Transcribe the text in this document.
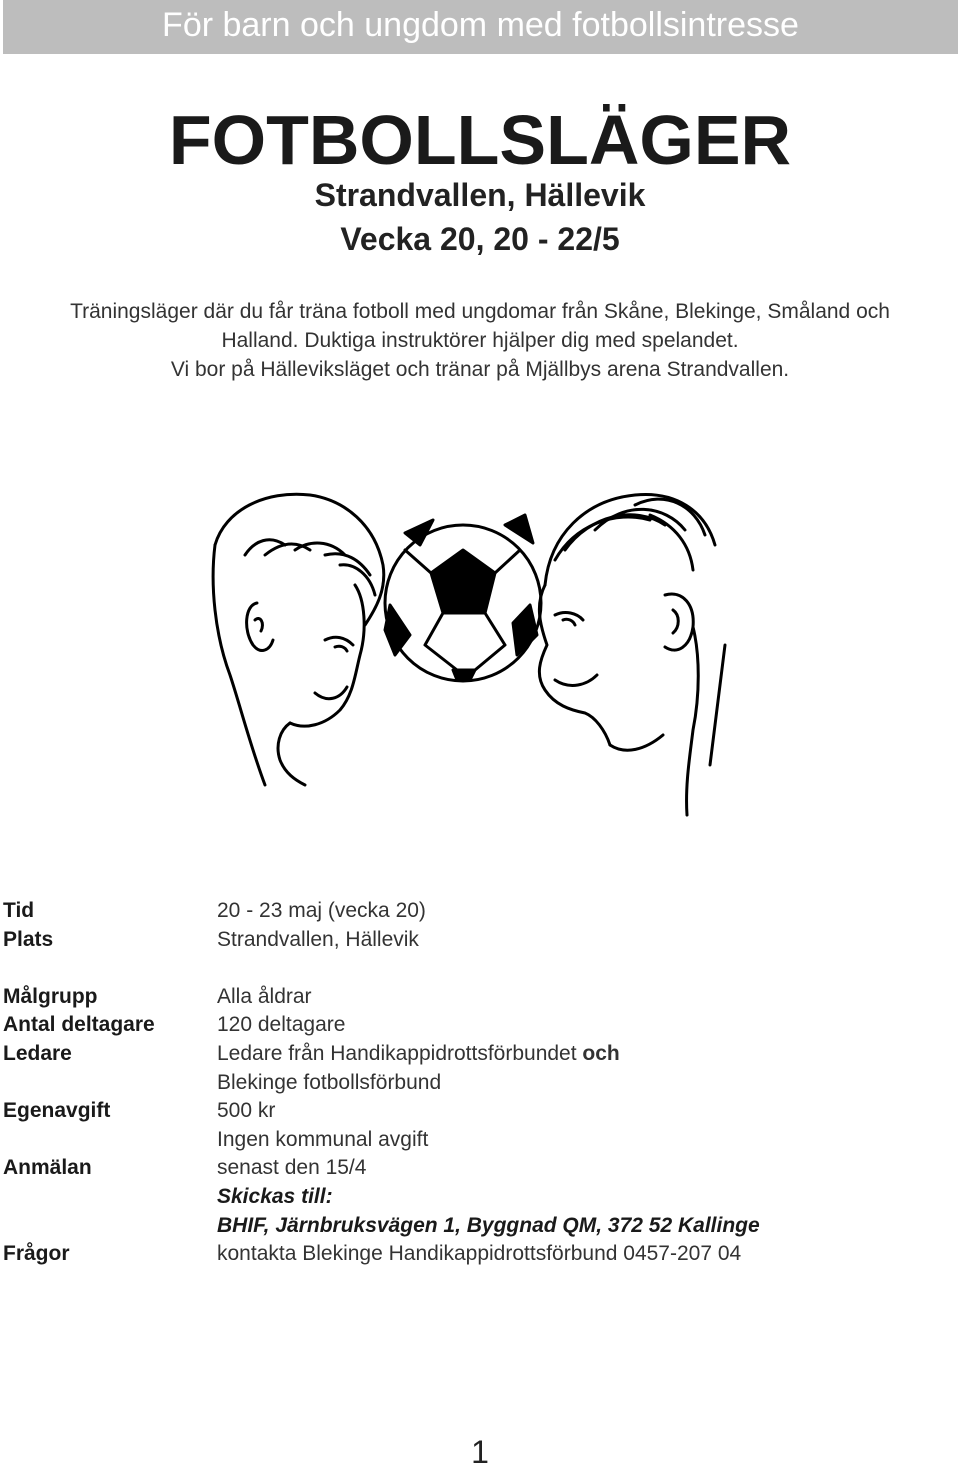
För barn och ungdom med fotbollsintresse
FOTBOLLSLÄGER
Strandvallen, Hällevik
Vecka 20, 20 - 22/5
Träningsläger där du får träna fotboll med ungdomar från Skåne, Blekinge, Småland och
Halland. Duktiga instruktörer hjälper dig med spelandet.
Vi bor på Hälleviksläget och tränar på Mjällbys arena Strandvallen.
Tid	20 - 23 maj (vecka 20)
Plats	Strandvallen, Hällevik
Målgrupp	Alla åldrar
Antal deltagare	120 deltagare
Ledare	Ledare från Handikappidrottsförbundet och
Blekinge fotbollsförbund
Egenavgift	500 kr
Ingen kommunal avgift
Anmälan	senast den 15/4
Skickas till:
BHIF, Järnbruksvägen 1, Byggnad QM, 372 52 Kallinge
Frågor	kontakta Blekinge Handikappidrottsförbund 0457-207 04
1
